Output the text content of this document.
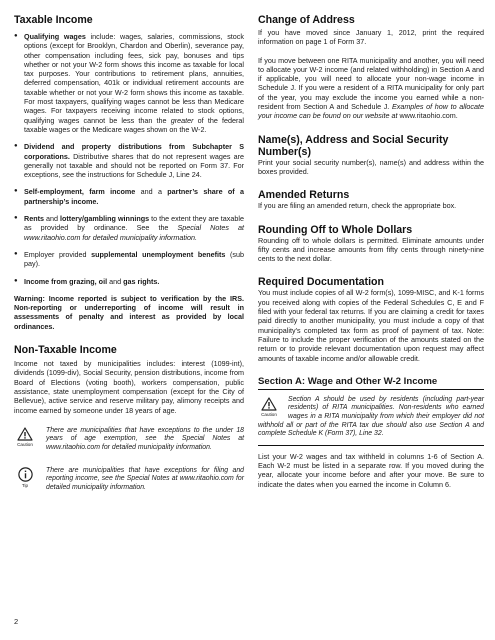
Taxable Income
● Qualifying wages include: wages, salaries, commissions, stock options (except for Brooklyn, Chardon and Oberlin), severance pay, other compensation including fees, sick pay, bonuses and tips whether or not your W-2 form shows this income as taxable for local tax purposes. Your contributions to retirement plans, annuities, deferred compensation, 401k or individual retirement accounts are taxable whether or not your W-2 form shows this income as taxable. For most taxpayers, qualifying wages cannot be less than Medicare wages. For taxpayers receiving income related to stock options, qualifying wages cannot be less than the greater of the federal taxable wages or the Medicare wages shown on the W-2.
● Dividend and property distributions from Subchapter S corporations. Distributive shares that do not represent wages are generally not taxable and should not be reported on Form 37. For exceptions, see the instructions for Schedule J, Line 24.
● Self-employment, farm income and a partner’s share of a partnership’s income.
● Rents and lottery/gambling winnings to the extent they are taxable as provided by ordinance. See the Special Notes at www.ritaohio.com for detailed municipality information.
● Employer provided supplemental unemployment benefits (sub pay).
● Income from grazing, oil and gas rights.

Warning: Income reported is subject to verification by the IRS. Non-reporting or underreporting of income will result in assessments of penalty and interest as provided by local ordinances.

Non-Taxable Income

Income not taxed by municipalities includes: interest (1099-int), dividends (1099-div), Social Security, pension distributions, income from Board of Elections (voting booth), workers compensation, public assistance, state unemployment compensation (except for the City of Bellevue), active service and reserve military pay, alimony receipts and income earned by someone under 18 years of age.

Caution

There are municipalities that have exceptions to the under 18 years of age exemption, see the Special Notes at www.ritaohio.com for detailed municipality information.

Tip

There are municipalities that have exceptions for filing and reporting income, see the Special Notes at www.ritaohio.com for detailed municipality information.

Change of Address

If you have moved since January 1, 2012, print the required information on page 1 of Form 37.

If you move between one RITA municipality and another, you will need to allocate your W-2 income (and related withholding) in Section A and if applicable, you will need to allocate your non-wage income in Schedule J. If you were a resident of a RITA municipality for only part of the year, you may exclude the income you earned while a non-resident from Section A and Schedule J. Examples of how to allocate your income can be found on our website at www.ritaohio.com.

Name(s), Address and Social Security Number(s)

Print your social security number(s), name(s) and address within the boxes provided.

Amended Returns

If you are filing an amended return, check the appropriate box.

Rounding Off to Whole Dollars

Rounding off to whole dollars is permitted. Eliminate amounts under fifty cents and increase amounts from fifty cents through ninety-nine cents to the next dollar.

Required Documentation

You must include copies of all W-2 form(s), 1099-MISC, and K-1 forms you received along with copies of the Federal Schedules C, E and F filed with your federal tax returns. If you are claiming a credit for taxes paid directly to another municipality, you must include a copy of that municipality’s completed tax form as proof of payment of tax. Note: Failure to include the proper verification of the amounts stated on the return or to provide relevant documentation upon request may affect amounts of taxable income and/or allowable credit.

Section A: Wage and Other W-2 Income
Caution

Section A should be used by residents (including part-year residents) of RITA municipalities. Non-residents who earned wages in a RITA municipality from which their employer did not withhold all or part of the RITA tax due should also use Section A and complete Schedule K (Form 37), Line 32.

List your W-2 wages and tax withheld in columns 1-6 of Section A. Each W-2 must be listed in a separate row. If you moved during the year, allocate your income before and after your move. Be sure to indicate the dates when you earned the income in Column 6.

2
